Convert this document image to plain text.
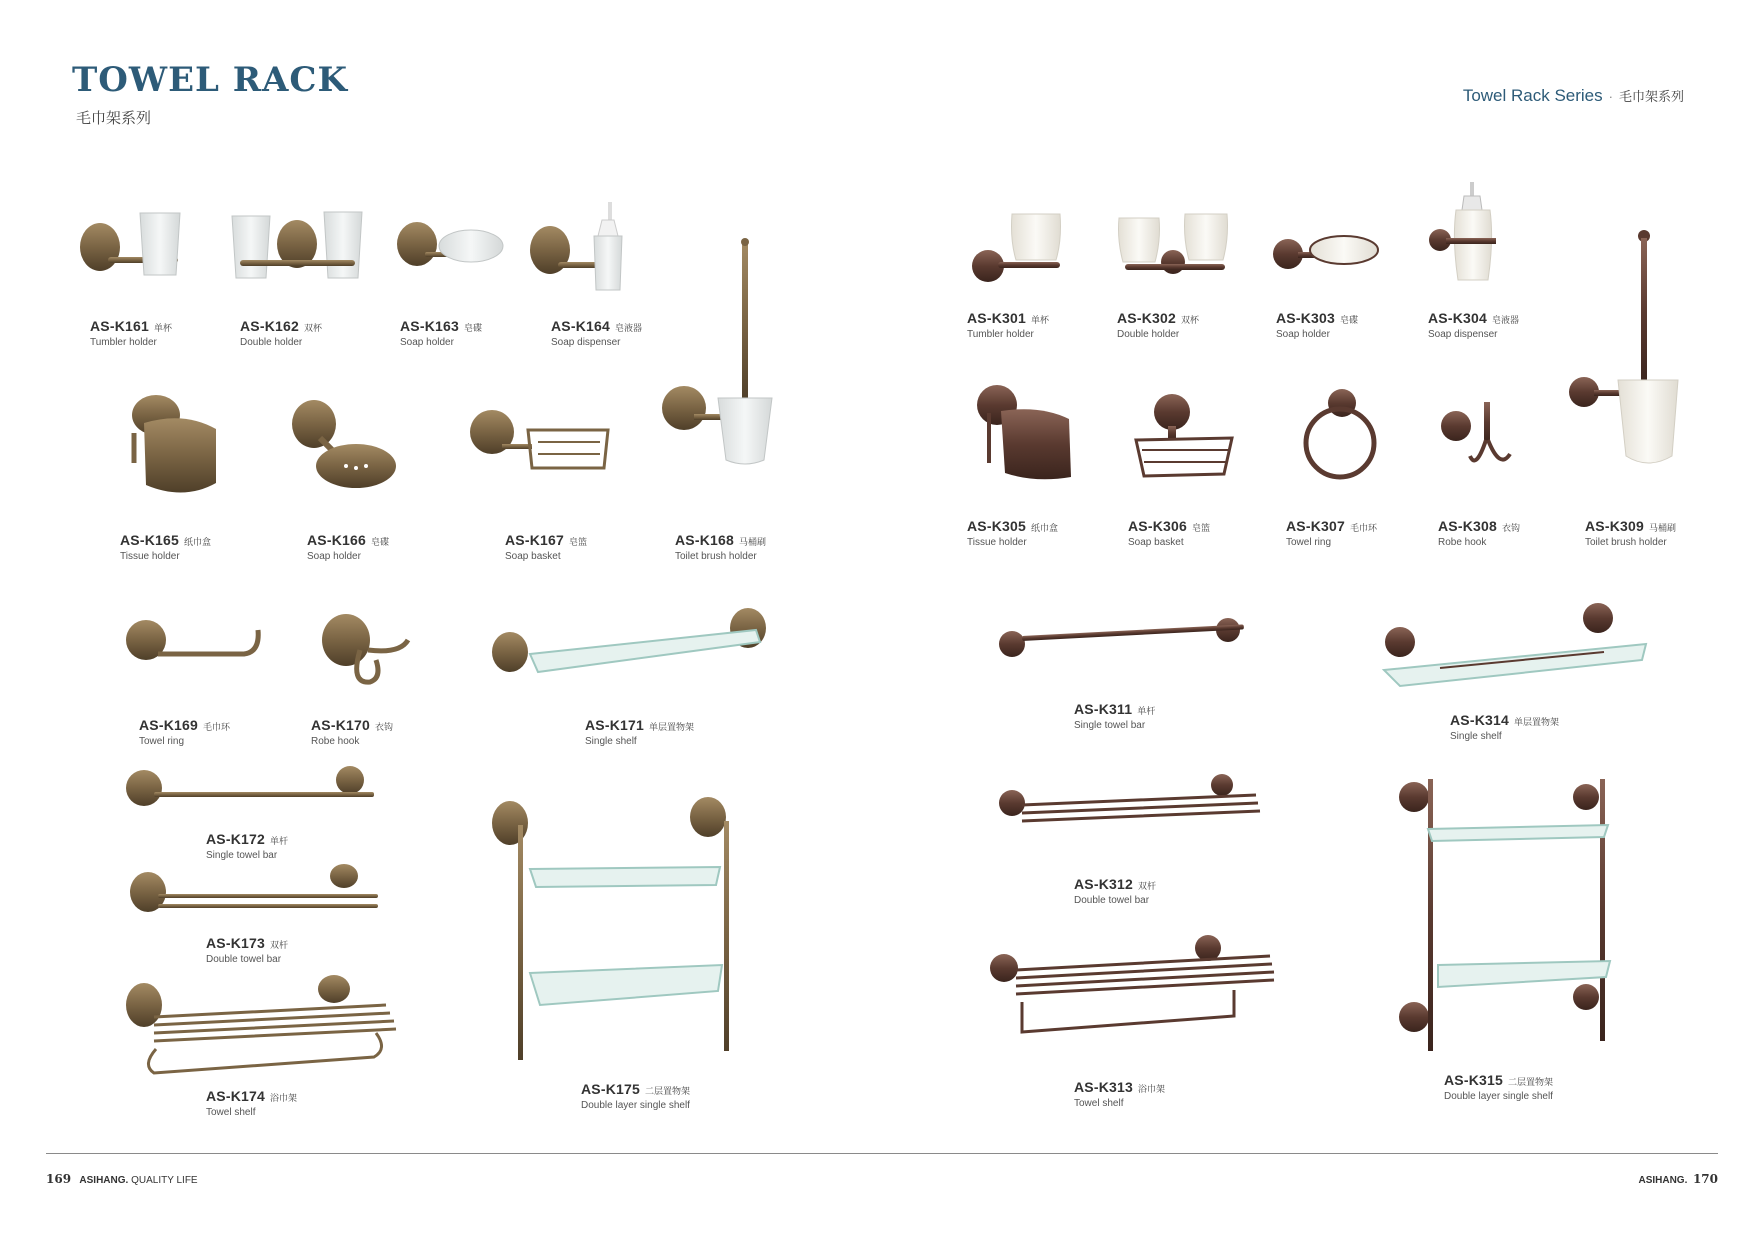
TOWEL RACK
毛巾架系列
Towel Rack Series · 毛巾架系列
AS-K161 单杯
Tumbler holder
AS-K162 双杯
Double holder
AS-K163 皂碟
Soap holder
AS-K164 皂液器
Soap dispenser
AS-K165 纸巾盒
Tissue holder
AS-K166 皂碟
Soap holder
AS-K167 皂篮
Soap basket
AS-K168 马桶刷
Toilet brush holder
AS-K169 毛巾环
Towel ring
AS-K170 衣钩
Robe hook
AS-K171 单层置物架
Single shelf
AS-K172 单杆
Single towel bar
AS-K173 双杆
Double towel bar
AS-K174 浴巾架
Towel shelf
AS-K175 二层置物架
Double layer single shelf
AS-K301 单杯
Tumbler holder
AS-K302 双杯
Double holder
AS-K303 皂碟
Soap holder
AS-K304 皂液器
Soap dispenser
AS-K305 纸巾盒
Tissue holder
AS-K306 皂篮
Soap basket
AS-K307 毛巾环
Towel ring
AS-K308 衣钩
Robe hook
AS-K309 马桶刷
Toilet brush holder
AS-K311 单杆
Single towel bar	AS-K314 单层置物架
Single shelf
AS-K312 双杆
Double towel bar
AS-K313 浴巾架
Towel shelf
AS-K315 二层置物架
Double layer single shelf
169 ASIHANG. QUALITY LIFE	ASIHANG. 170
